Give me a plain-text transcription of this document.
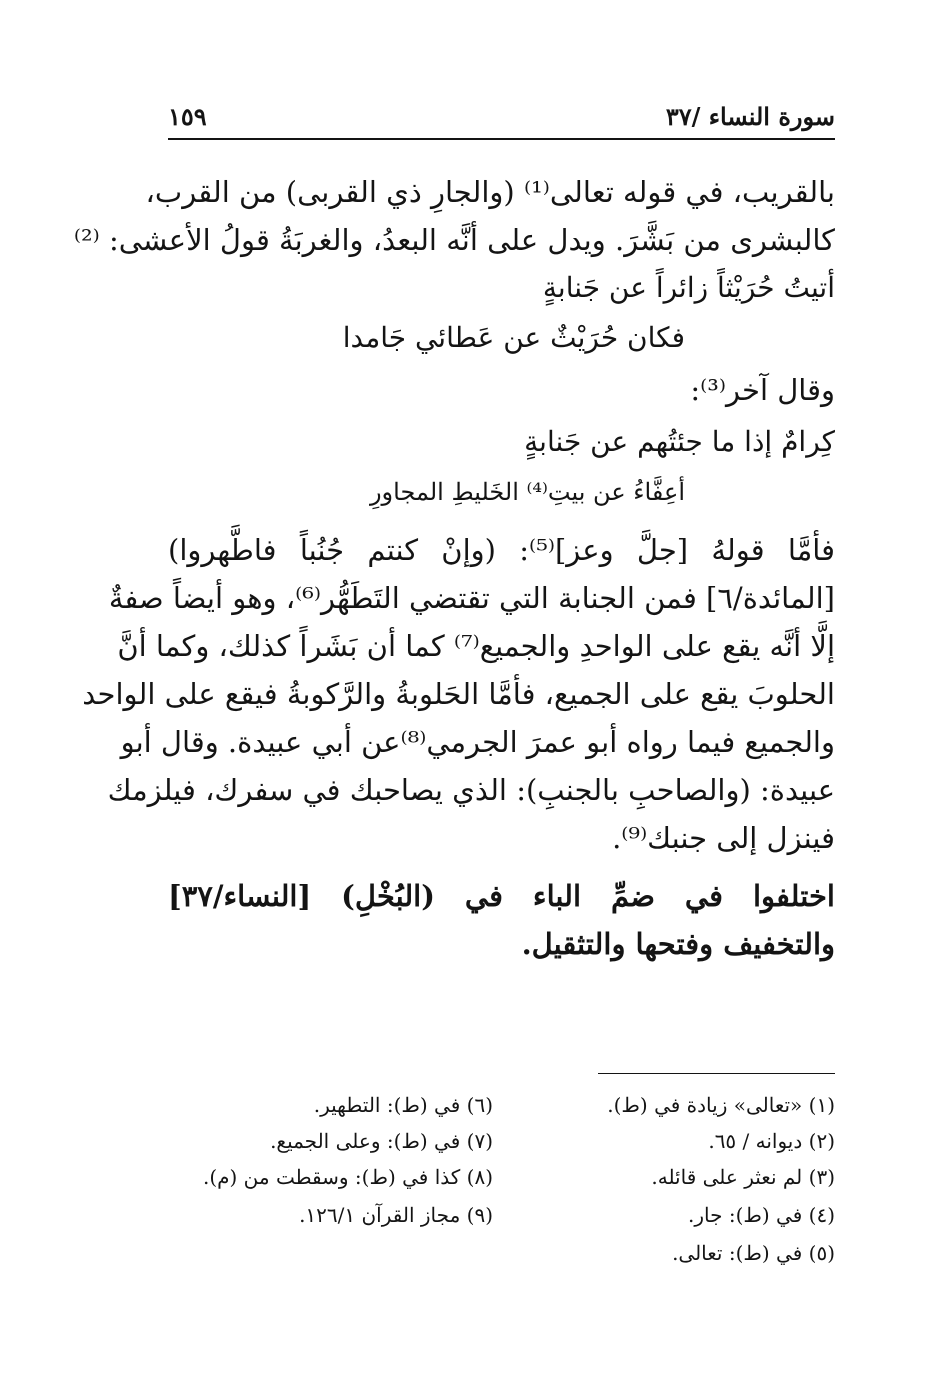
سورة النساء /٣٧
١٥٩
بالقريب، في قوله تعالى⁽¹⁾ (والجارِ ذي القربى) من القرب،
كالبشرى من بَشَّرَ. ويدل على أنَّه البعدُ، والغربَةُ قولُ الأعشى: ⁽²⁾
أتيتُ حُرَيْثاً زائراً عن جَنابةٍ
فكان حُرَيْثٌ عن عَطائي جَامدا
وقال آخر⁽³⁾:
كِرامٌ إذا ما جئتُهم عن جَنابةٍ
أعِفَّاءُ عن بيتِ⁽⁴⁾ الخَليطِ المجاورِ
فأمَّا قولهُ [جلَّ وعز]⁽⁵⁾: (وإنْ كنتم جُنُباً فاطَّهروا)
[المائدة/٦] فمن الجنابة التي تقتضي التَطَهُّر⁽⁶⁾، وهو أيضاً صفةٌ
إلَّا أنَّه يقع على الواحدِ والجميع⁽⁷⁾ كما أن بَشَراً كذلك، وكما أنَّ
الحلوبَ يقع على الجميع، فأمَّا الحَلوبةُ والرَّكوبةُ فيقع على الواحد
والجميع فيما رواه أبو عمرَ الجرمي⁽⁸⁾عن أبي عبيدة. وقال أبو
عبيدة: (والصاحبِ بالجنبِ): الذي يصاحبك في سفرك، فيلزمك
فينزل إلى جنبك⁽⁹⁾.
اختلفوا في ضمِّ الباء في (البُخْلِ) [النساء/٣٧]
والتخفيف وفتحها والتثقيل.
(١) «تعالى» زيادة في (ط).
(٢) ديوانه / ٦٥.
(٣) لم نعثر على قائله.
(٤) في (ط): جار.
(٥) في (ط): تعالى.
(٦) في (ط): التطهير.
(٧) في (ط): وعلى الجميع.
(٨) كذا في (ط): وسقطت من (م).
(٩) مجاز القرآن ١٢٦/١.
